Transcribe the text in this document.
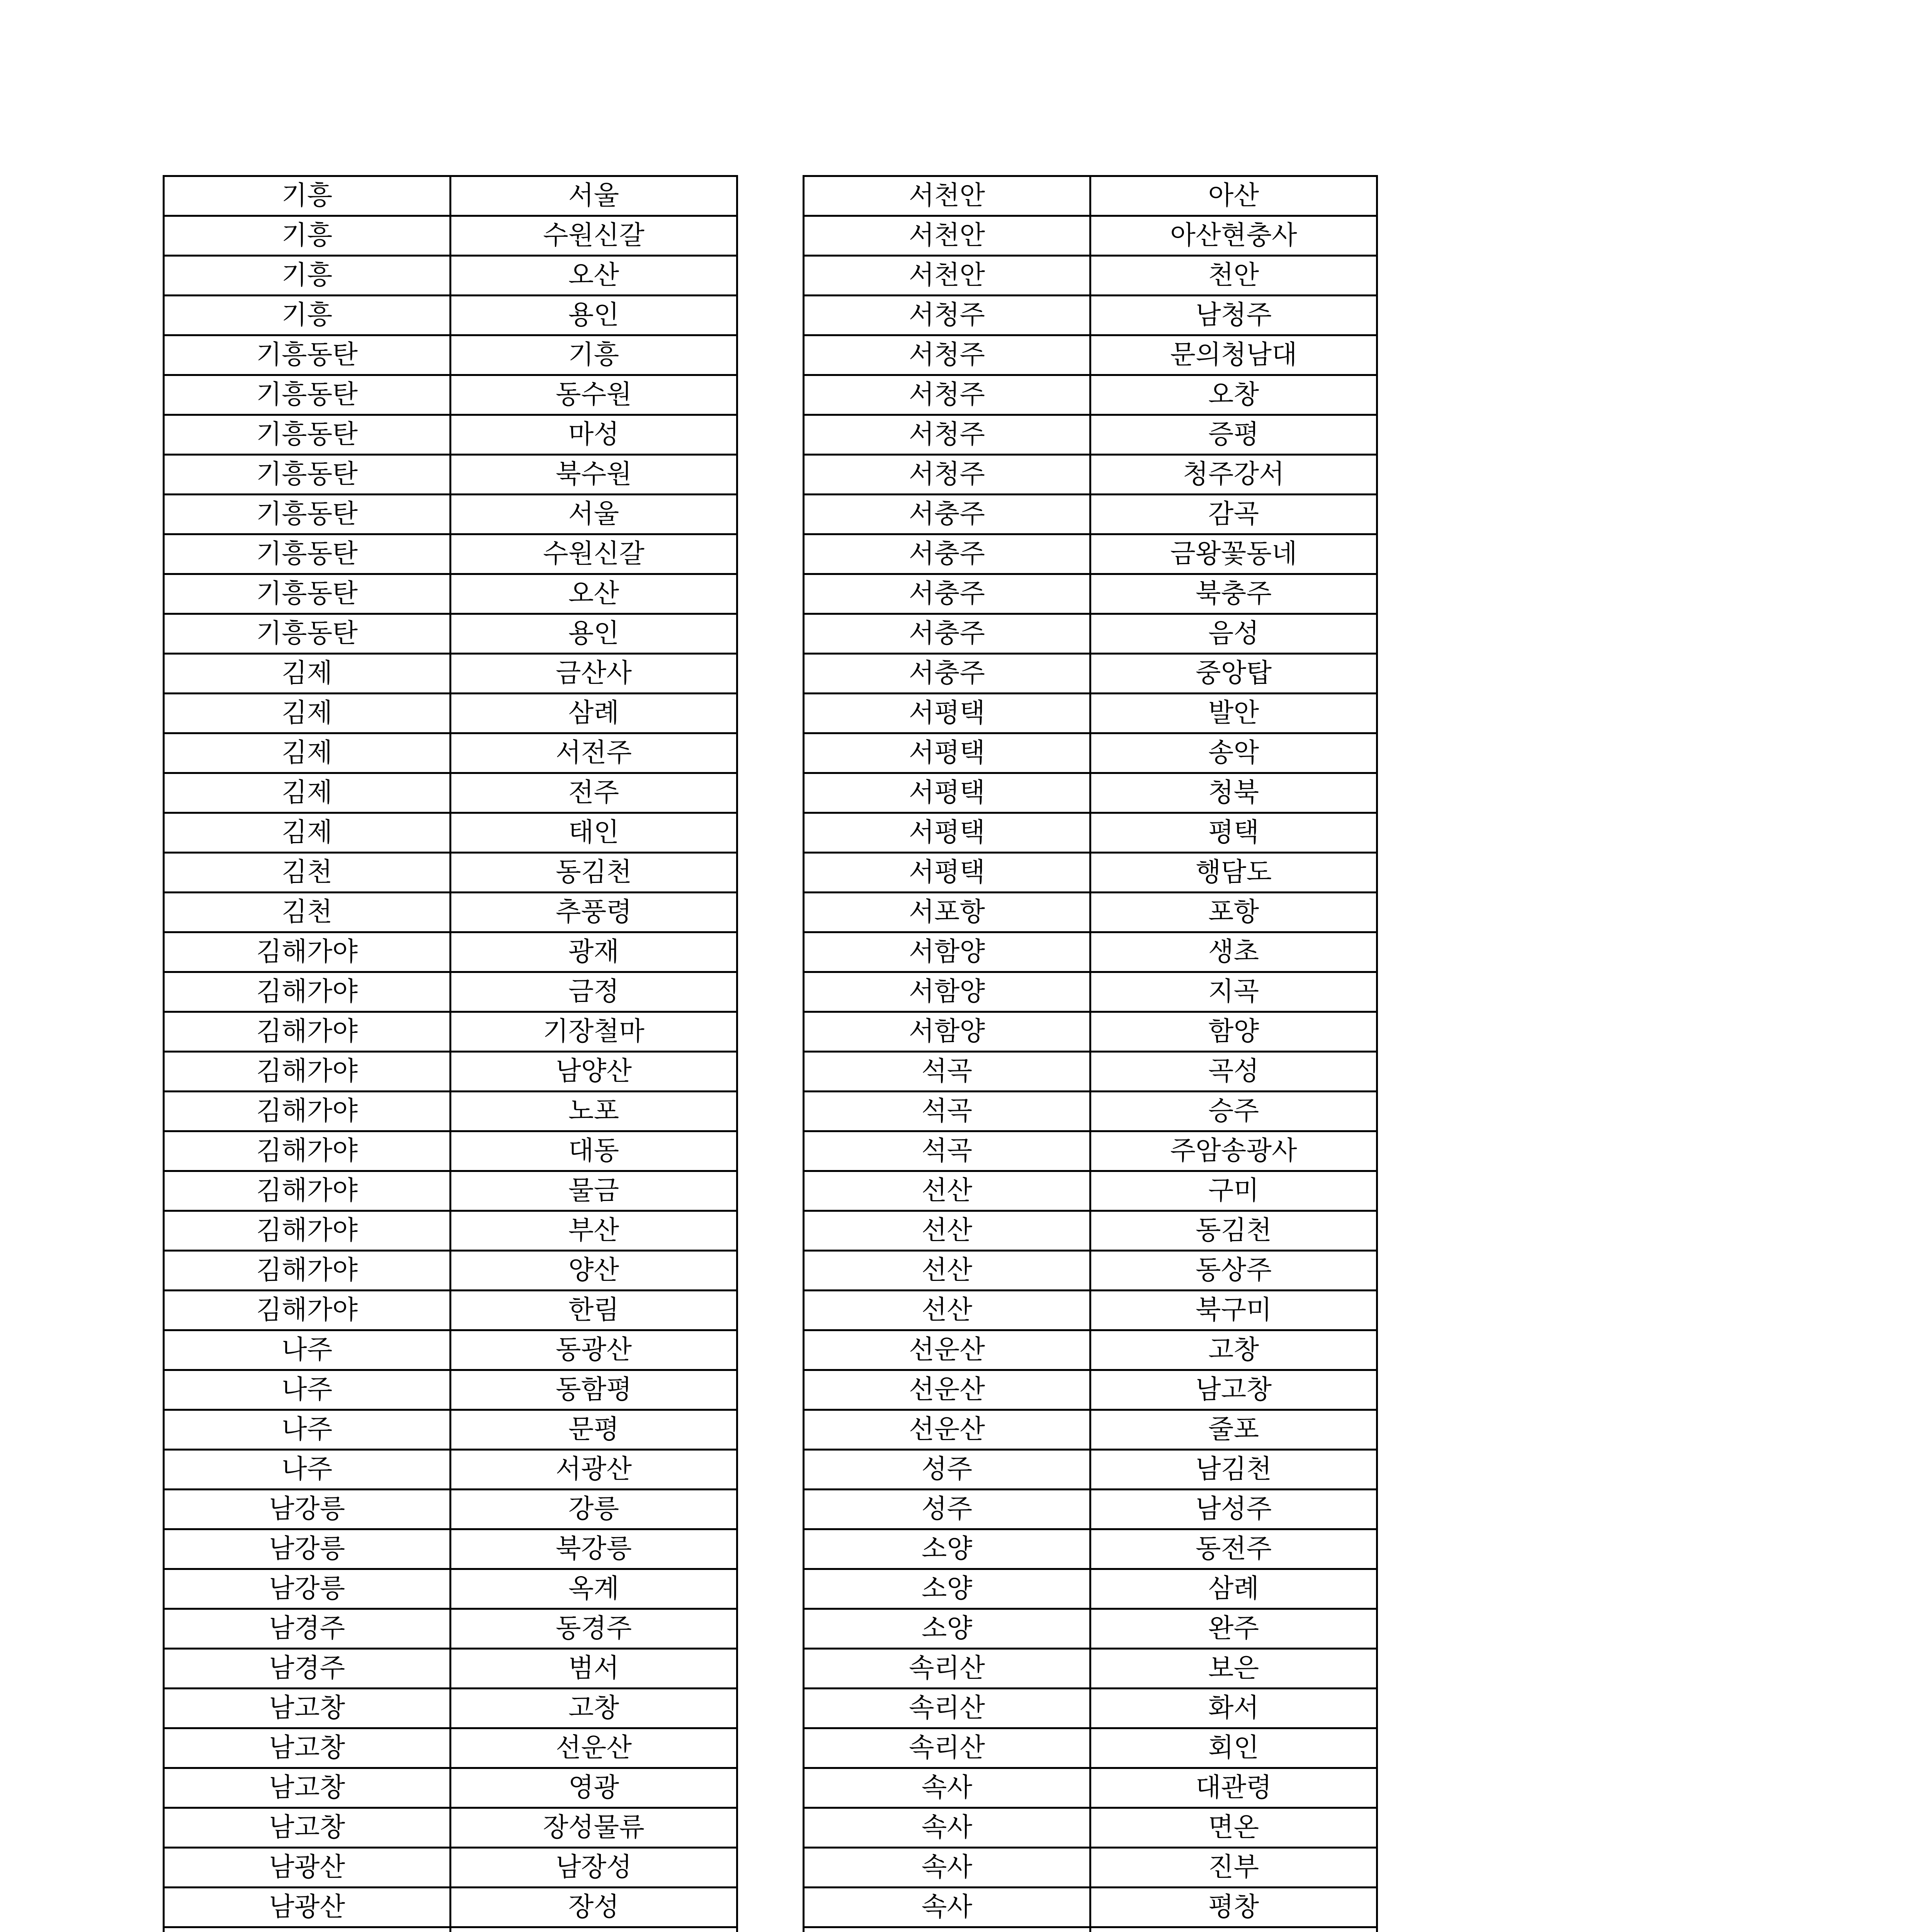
기흥	서울
기흥	수원신갈
기흥	오산
기흥	용인
기흥동탄	기흥
기흥동탄	동수원
기흥동탄	마성
기흥동탄	북수원
기흥동탄	서울
기흥동탄	수원신갈
기흥동탄	오산
기흥동탄	용인
김제	금산사
김제	삼례
김제	서전주
김제	전주
김제	태인
김천	동김천
김천	추풍령
김해가야	광재
김해가야	금정
김해가야	기장철마
김해가야	남양산
김해가야	노포
김해가야	대동
김해가야	물금
김해가야	부산
김해가야	양산
김해가야	한림
나주	동광산
나주	동함평
나주	문평
나주	서광산
남강릉	강릉
남강릉	북강릉
남강릉	옥계
남경주	동경주
남경주	범서
남고창	고창
남고창	선운산
남고창	영광
남고창	장성물류
남광산	남장성
남광산	장성

서천안	아산
서천안	아산현충사
서천안	천안
서청주	남청주
서청주	문의청남대
서청주	오창
서청주	증평
서청주	청주강서
서충주	감곡
서충주	금왕꽃동네
서충주	북충주
서충주	음성
서충주	중앙탑
서평택	발안
서평택	송악
서평택	청북
서평택	평택
서평택	행담도
서포항	포항
서함양	생초
서함양	지곡
서함양	함양
석곡	곡성
석곡	승주
석곡	주암송광사
선산	구미
선산	동김천
선산	동상주
선산	북구미
선운산	고창
선운산	남고창
선운산	줄포
성주	남김천
성주	남성주
소양	동전주
소양	삼례
소양	완주
속리산	보은
속리산	화서
속리산	회인
속사	대관령
속사	면온
속사	진부
속사	평창
